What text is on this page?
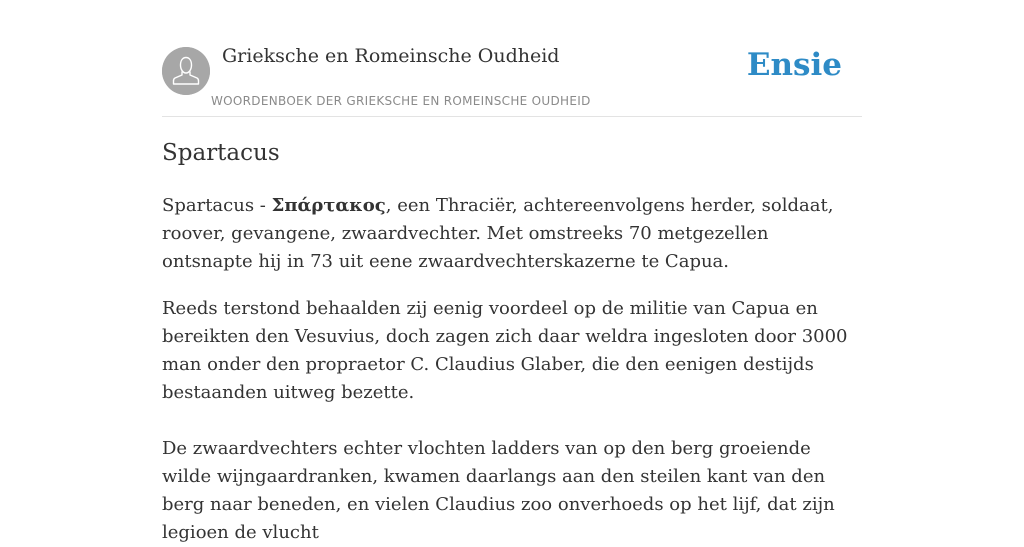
Grieksche en Romeinsche Oudheid
WOORDENBOEK DER GRIEKSCHE EN ROMEINSCHE OUDHEID
Ensie
Spartacus

Spartacus - Σπάρτακος, een Thraciër, achtereenvolgens herder, soldaat, roover, gevangene, zwaardvechter. Met omstreeks 70 metgezellen ontsnapte hij in 73 uit eene zwaardvechterskazerne te Capua.

Reeds terstond behaalden zij eenig voordeel op de militie van Capua en bereikten den Vesuvius, doch zagen zich daar weldra ingesloten door 3000 man onder den propraetor C. Claudius Glaber, die den eenigen destijds bestaanden uitweg bezette.

De zwaardvechters echter vlochten ladders van op den berg groeiende wilde wijngaardranken, kwamen daarlangs aan den steilen kant van den berg naar beneden, en vielen Claudius zoo onverhoeds op het lijf, dat zijn legioen de vlucht
